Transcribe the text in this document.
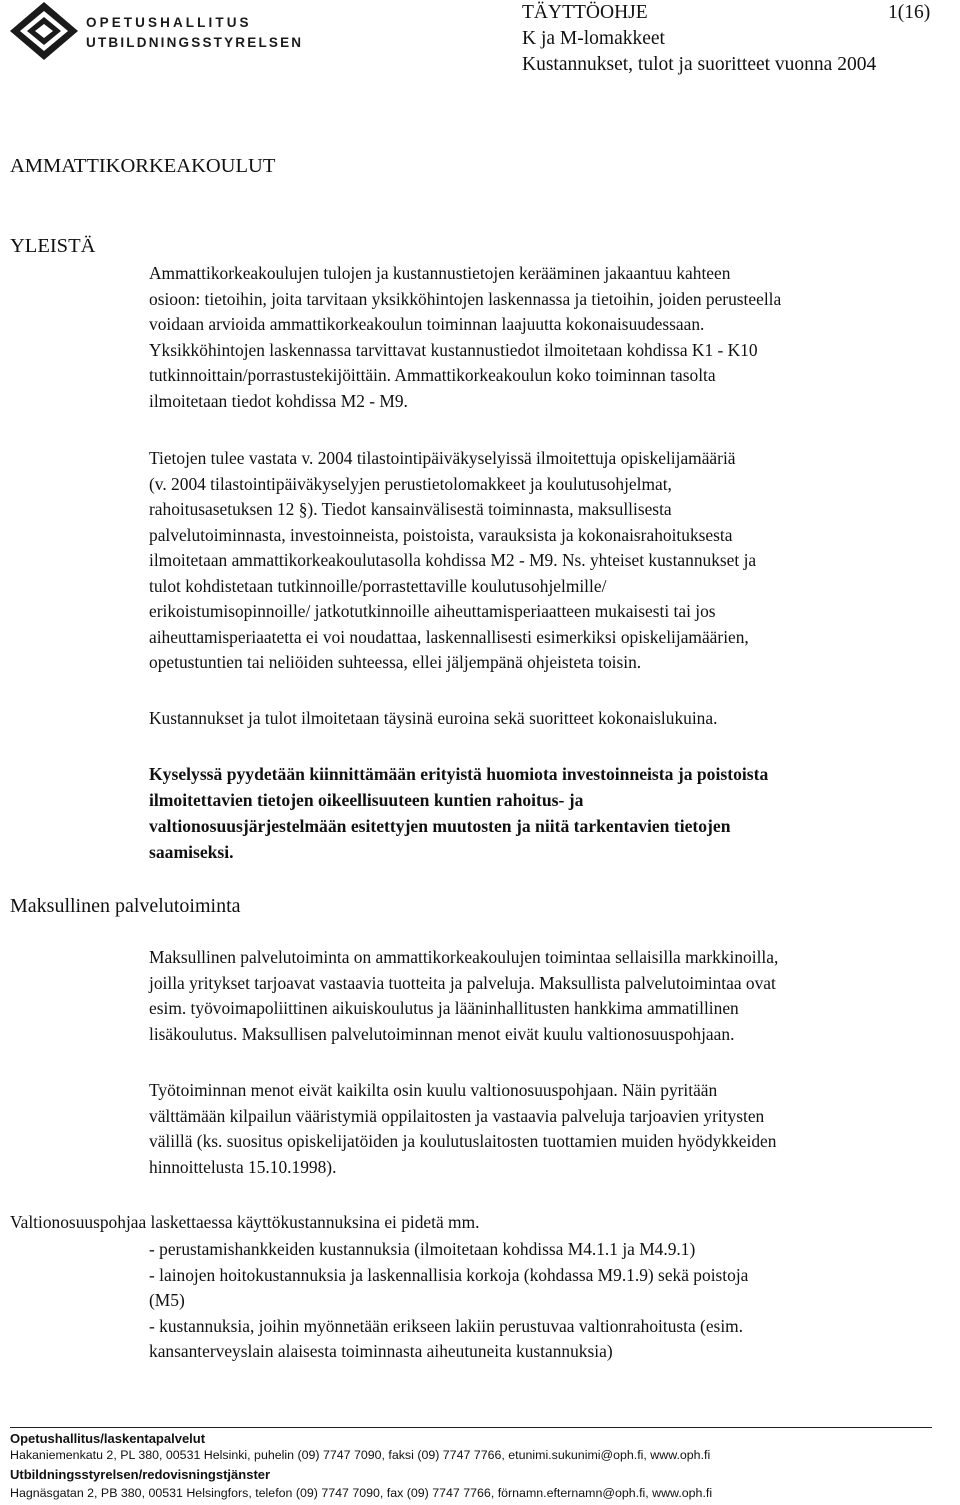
OPETUSHALLITUS
UTBILDNINGSSTYRELSEN
TÄYTTÖOHJE	1(16)
K ja M-lomakkeet
Kustannukset, tulot ja suoritteet vuonna 2004
AMMATTIKORKEAKOULUT
YLEISTÄ
Ammattikorkeakoulujen tulojen ja kustannustietojen kerääminen jakaantuu kahteen
osioon: tietoihin, joita tarvitaan yksikköhintojen laskennassa ja tietoihin, joiden perusteella
voidaan arvioida ammattikorkeakoulun toiminnan laajuutta kokonaisuudessaan.
Yksikköhintojen laskennassa tarvittavat kustannustiedot ilmoitetaan kohdissa K1 - K10
tutkinnoittain/porrastustekijöittäin. Ammattikorkeakoulun koko toiminnan tasolta
ilmoitetaan tiedot kohdissa M2 - M9.
Tietojen tulee vastata v. 2004 tilastointipäiväkyselyissä ilmoitettuja opiskelijamääriä
(v. 2004 tilastointipäiväkyselyjen perustietolomakkeet ja koulutusohjelmat,
rahoitusasetuksen 12 §). Tiedot kansainvälisestä toiminnasta, maksullisesta
palvelutoiminnasta, investoinneista, poistoista, varauksista ja kokonaisrahoituksesta
ilmoitetaan ammattikorkeakoulutasolla kohdissa M2 - M9. Ns. yhteiset kustannukset ja
tulot kohdistetaan tutkinnoille/porrastettaville koulutusohjelmille/
erikoistumisopinnoille/ jatkotutkinnoille aiheuttamisperiaatteen mukaisesti tai jos
aiheuttamisperiaatetta ei voi noudattaa, laskennallisesti esimerkiksi opiskelijamäärien,
opetustuntien tai neliöiden suhteessa, ellei jäljempänä ohjeisteta toisin.
Kustannukset ja tulot ilmoitetaan täysinä euroina sekä suoritteet kokonaislukuina.
Kyselyssä pyydetään kiinnittämään erityistä huomiota investoinneista ja poistoista
ilmoitettavien tietojen oikeellisuuteen kuntien rahoitus- ja
valtionosuusjärjestelmään esitettyjen muutosten ja niitä tarkentavien tietojen
saamiseksi.
Maksullinen palvelutoiminta
Maksullinen palvelutoiminta on ammattikorkeakoulujen toimintaa sellaisilla markkinoilla,
joilla yritykset tarjoavat vastaavia tuotteita ja palveluja. Maksullista palvelutoimintaa ovat
esim. työvoimapoliittinen aikuiskoulutus ja lääninhallitusten hankkima ammatillinen
lisäkoulutus. Maksullisen palvelutoiminnan menot eivät kuulu valtionosuuspohjaan.
Työtoiminnan menot eivät kaikilta osin kuulu valtionosuuspohjaan. Näin pyritään
välttämään kilpailun vääristymiä oppilaitosten ja vastaavia palveluja tarjoavien yritysten
välillä (ks. suositus opiskelijatöiden ja koulutuslaitosten tuottamien muiden hyödykkeiden
hinnoittelusta 15.10.1998).
Valtionosuuspohjaa laskettaessa käyttökustannuksina ei pidetä mm.
- perustamishankkeiden kustannuksia (ilmoitetaan kohdissa M4.1.1 ja M4.9.1)
- lainojen hoitokustannuksia ja laskennallisia korkoja (kohdassa M9.1.9) sekä poistoja
(M5)
- kustannuksia, joihin myönnetään erikseen lakiin perustuvaa valtionrahoitusta (esim.
kansanterveyslain alaisesta toiminnasta aiheutuneita kustannuksia)
Opetushallitus/laskentapalvelut
Hakaniemenkatu 2, PL 380, 00531 Helsinki, puhelin (09) 7747 7090, faksi (09) 7747 7766, etunimi.sukunimi@oph.fi, www.oph.fi
Utbildningsstyrelsen/redovisningstjänster
Hagnäsgatan 2, PB 380, 00531 Helsingfors, telefon (09) 7747 7090, fax (09) 7747 7766, förnamn.efternamn@oph.fi, www.oph.fi
